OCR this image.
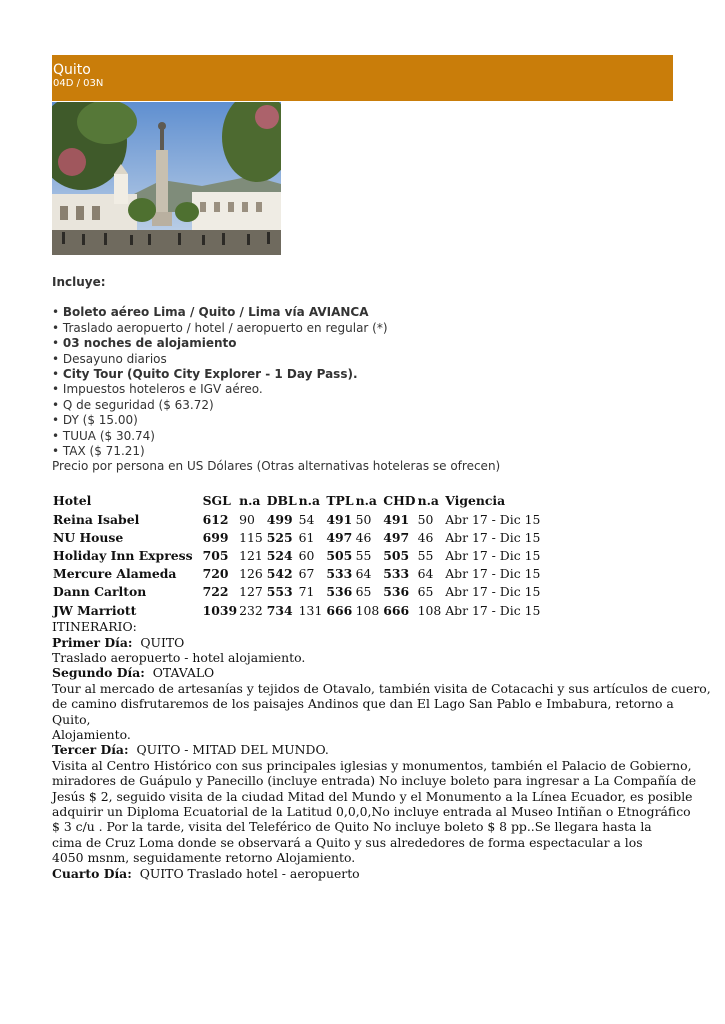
Quito
04D / 03N
Incluye:
• Boleto aéreo Lima / Quito / Lima vía AVIANCA
• Traslado aeropuerto / hotel / aeropuerto en regular (*)
• 03 noches de alojamiento
• Desayuno diarios
• City Tour (Quito City Explorer - 1 Day Pass).
• Impuestos hoteleros e IGV aéreo.
• Q de seguridad ($ 63.72)
• DY ($ 15.00)
• TUUA ($ 30.74)
• TAX ($ 71.21)
Precio por persona en US Dólares (Otras alternativas hoteleras se ofrecen)
Hotel	SGL	n.a	DBL	n.a	TPL	n.a	CHD	n.a	Vigencia
Reina Isabel	612	90	499	54	491	50	491	50	Abr 17 - Dic 15
NU House	699	115	525	61	497	46	497	46	Abr 17 - Dic 15
Holiday Inn Express	705	121	524	60	505	55	505	55	Abr 17 - Dic 15
Mercure Alameda	720	126	542	67	533	64	533	64	Abr 17 - Dic 15
Dann Carlton	722	127	553	71	536	65	536	65	Abr 17 - Dic 15
JW Marriott	1039	232	734	131	666	108	666	108	Abr 17 - Dic 15
ITINERARIO:
Primer Día: QUITO
Traslado aeropuerto - hotel alojamiento.
Segundo Día: OTAVALO
Tour al mercado de artesanías y tejidos de Otavalo, también visita de Cotacachi y sus artículos de cuero,
de camino disfrutaremos de los paisajes Andinos que dan El Lago San Pablo e Imbabura, retorno a
Quito,
Alojamiento.
Tercer Día: QUITO - MITAD DEL MUNDO.
Visita al Centro Histórico con sus principales iglesias y monumentos, también el Palacio de Gobierno,
miradores de Guápulo y Panecillo (incluye entrada) No incluye boleto para ingresar a La Compañía de
Jesús $ 2, seguido visita de la ciudad Mitad del Mundo y el Monumento a la Línea Ecuador, es posible
adquirir un Diploma Ecuatorial de la Latitud 0,0,0,No incluye entrada al Museo Intiñan o Etnográfico
$ 3 c/u . Por la tarde, visita del Teleférico de Quito No incluye boleto $ 8 pp..Se llegara hasta la
cima de Cruz Loma donde se observará a Quito y sus alrededores de forma espectacular a los
4050 msnm, seguidamente retorno Alojamiento.
Cuarto Día: QUITO Traslado hotel - aeropuerto
